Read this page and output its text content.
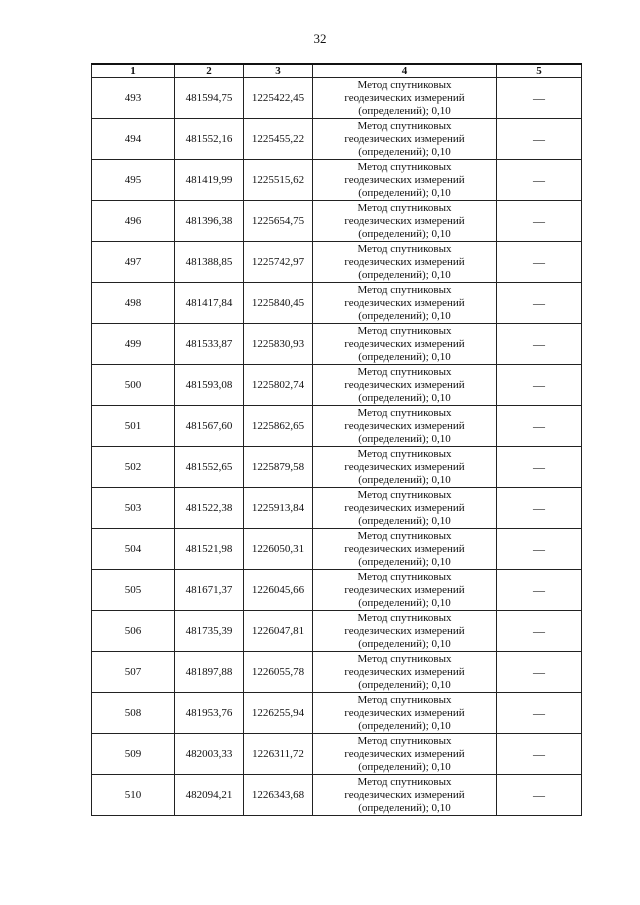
32
1	2	3	4	5
493	481594,75	1225422,45	Метод спутниковых
геодезических измерений
(определений); 0,10	—
494	481552,16	1225455,22	Метод спутниковых
геодезических измерений
(определений); 0,10	—
495	481419,99	1225515,62	Метод спутниковых
геодезических измерений
(определений); 0,10	—
496	481396,38	1225654,75	Метод спутниковых
геодезических измерений
(определений); 0,10	—
497	481388,85	1225742,97	Метод спутниковых
геодезических измерений
(определений); 0,10	—
498	481417,84	1225840,45	Метод спутниковых
геодезических измерений
(определений); 0,10	—
499	481533,87	1225830,93	Метод спутниковых
геодезических измерений
(определений); 0,10	—
500	481593,08	1225802,74	Метод спутниковых
геодезических измерений
(определений); 0,10	—
501	481567,60	1225862,65	Метод спутниковых
геодезических измерений
(определений); 0,10	—
502	481552,65	1225879,58	Метод спутниковых
геодезических измерений
(определений); 0,10	—
503	481522,38	1225913,84	Метод спутниковых
геодезических измерений
(определений); 0,10	—
504	481521,98	1226050,31	Метод спутниковых
геодезических измерений
(определений); 0,10	—
505	481671,37	1226045,66	Метод спутниковых
геодезических измерений
(определений); 0,10	—
506	481735,39	1226047,81	Метод спутниковых
геодезических измерений
(определений); 0,10	—
507	481897,88	1226055,78	Метод спутниковых
геодезических измерений
(определений); 0,10	—
508	481953,76	1226255,94	Метод спутниковых
геодезических измерений
(определений); 0,10	—
509	482003,33	1226311,72	Метод спутниковых
геодезических измерений
(определений); 0,10	—
510	482094,21	1226343,68	Метод спутниковых
геодезических измерений
(определений); 0,10	—
